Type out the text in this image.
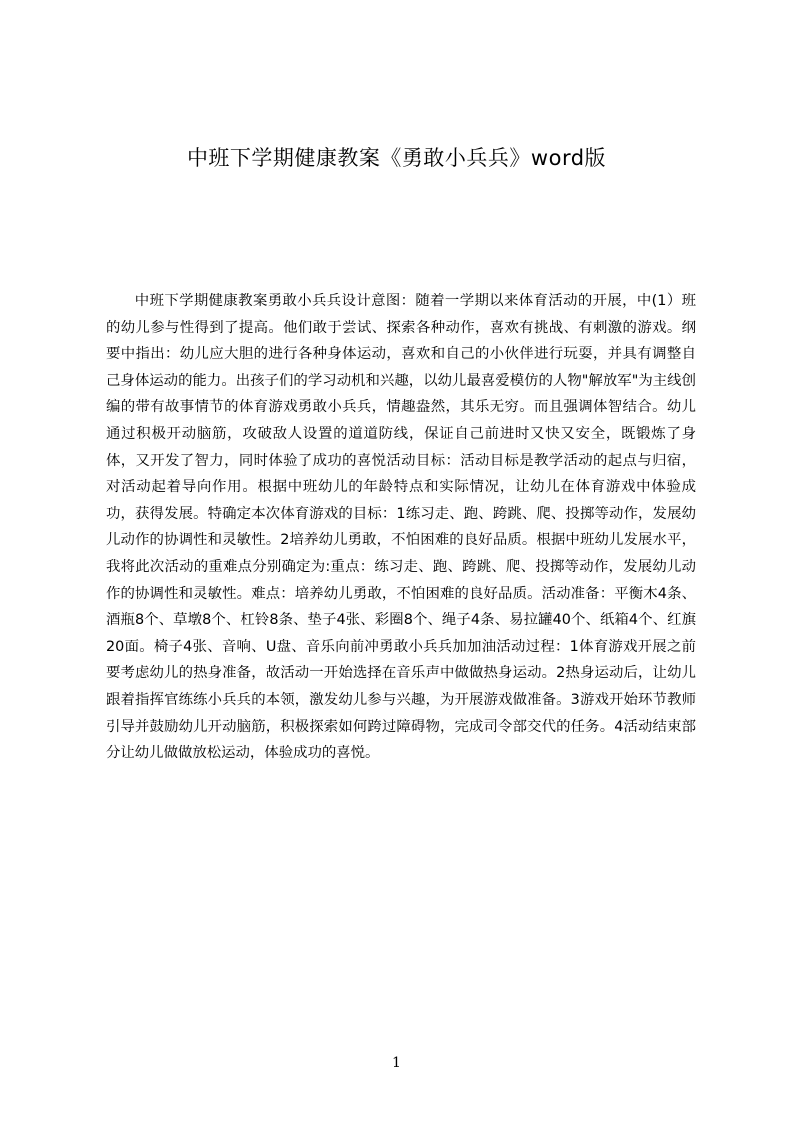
中班下学期健康教案《勇敢小兵兵》word版

中班下学期健康教案勇敢小兵兵设计意图：随着一学期以来体育活动的开展，中(1）班的幼儿参与性得到了提高。他们敢于尝试、探索各种动作，喜欢有挑战、有刺激的游戏。纲要中指出：幼儿应大胆的进行各种身体运动，喜欢和自己的小伙伴进行玩耍，并具有调整自己身体运动的能力。出孩子们的学习动机和兴趣，以幼儿最喜爱模仿的人物"解放军"为主线创编的带有故事情节的体育游戏勇敢小兵兵，情趣盎然，其乐无穷。而且强调体智结合。幼儿通过积极开动脑筋，攻破敌人设置的道道防线，保证自己前进时又快又安全，既锻炼了身体，又开发了智力，同时体验了成功的喜悦活动目标：活动目标是教学活动的起点与归宿，对活动起着导向作用。根据中班幼儿的年龄特点和实际情况，让幼儿在体育游戏中体验成功，获得发展。特确定本次体育游戏的目标：1练习走、跑、跨跳、爬、投掷等动作，发展幼儿动作的协调性和灵敏性。2培养幼儿勇敢，不怕困难的良好品质。根据中班幼儿发展水平，我将此次活动的重难点分别确定为:重点：练习走、跑、跨跳、爬、投掷等动作，发展幼儿动作的协调性和灵敏性。难点：培养幼儿勇敢，不怕困难的良好品质。活动准备：平衡木4条、酒瓶8个、草墩8个、杠铃8条、垫子4张、彩圈8个、绳子4条、易拉罐40个、纸箱4个、红旗20面。椅子4张、音响、U盘、音乐向前冲勇敢小兵兵加加油活动过程：1体育游戏开展之前要考虑幼儿的热身准备，故活动一开始选择在音乐声中做做热身运动。2热身运动后，让幼儿跟着指挥官练练小兵兵的本领，激发幼儿参与兴趣，为开展游戏做准备。3游戏开始环节教师引导并鼓励幼儿开动脑筋，积极探索如何跨过障碍物，完成司令部交代的任务。4活动结束部分让幼儿做做放松运动，体验成功的喜悦。

1
